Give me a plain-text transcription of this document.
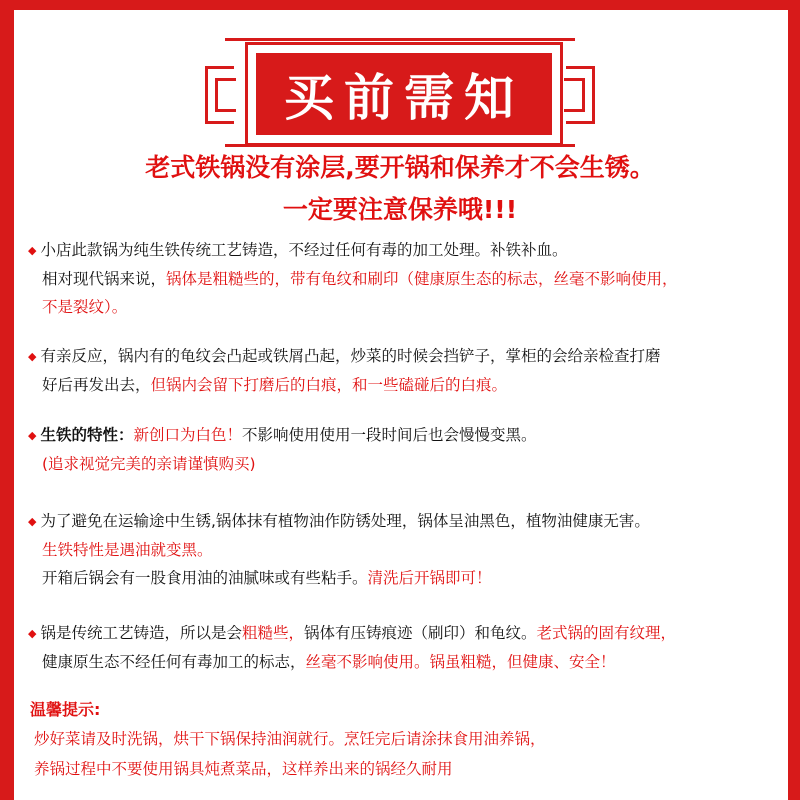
买前需知
老式铁锅没有涂层,要开锅和保养才不会生锈。
一定要注意保养哦!!!
◆ 小店此款锅为纯生铁传统工艺铸造，不经过任何有毒的加工处理。补铁补血。
相对现代锅来说，锅体是粗糙些的，带有龟纹和刷印（健康原生态的标志，丝毫不影响使用，
不是裂纹）。
◆ 有亲反应，锅内有的龟纹会凸起或铁屑凸起，炒菜的时候会挡铲子，掌柜的会给亲检查打磨
好后再发出去，但锅内会留下打磨后的白痕，和一些磕碰后的白痕。
◆ 生铁的特性：新创口为白色！不影响使用使用一段时间后也会慢慢变黑。
(追求视觉完美的亲请谨慎购买)
◆ 为了避免在运输途中生锈,锅体抹有植物油作防锈处理，锅体呈油黑色，植物油健康无害。
生铁特性是遇油就变黑。
开箱后锅会有一股食用油的油腻味或有些粘手。清洗后开锅即可！
◆ 锅是传统工艺铸造，所以是会粗糙些，锅体有压铸痕迹（刷印）和龟纹。老式锅的固有纹理，
健康原生态不经任何有毒加工的标志，丝毫不影响使用。锅虽粗糙，但健康、安全！
温馨提示:
炒好菜请及时洗锅，烘干下锅保持油润就行。烹饪完后请涂抹食用油养锅，
养锅过程中不要使用锅具炖煮菜品，这样养出来的锅经久耐用
